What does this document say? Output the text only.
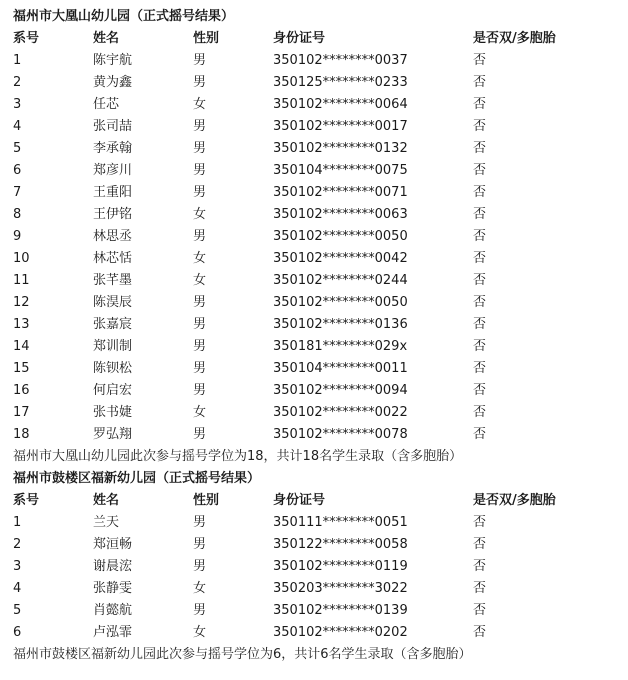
福州市大凰山幼儿园（正式摇号结果）
系号	姓名	性别	身份证号	是否双/多胞胎
1	陈宇航	男	350102********0037	否
2	黄为鑫	男	350125********0233	否
3	任芯	女	350102********0064	否
4	张司喆	男	350102********0017	否
5	李承翰	男	350102********0132	否
6	郑彦川	男	350104********0075	否
7	王重阳	男	350102********0071	否
8	王伊铭	女	350102********0063	否
9	林思丞	男	350102********0050	否
10	林芯恬	女	350102********0042	否
11	张芊墨	女	350102********0244	否
12	陈淏辰	男	350102********0050	否
13	张嘉宸	男	350102********0136	否
14	郑训制	男	350181********029x	否
15	陈钡松	男	350104********0011	否
16	何启宏	男	350102********0094	否
17	张书婕	女	350102********0022	否
18	罗弘翔	男	350102********0078	否
福州市大凰山幼儿园此次参与摇号学位为18，共计18名学生录取（含多胞胎）
福州市鼓楼区福新幼儿园（正式摇号结果）
系号	姓名	性别	身份证号	是否双/多胞胎
1	兰天	男	350111********0051	否
2	郑洹畅	男	350122********0058	否
3	谢晨浤	男	350102********0119	否
4	张静雯	女	350203********3022	否
5	肖懿航	男	350102********0139	否
6	卢泓霏	女	350102********0202	否
福州市鼓楼区福新幼儿园此次参与摇号学位为6，共计6名学生录取（含多胞胎）
